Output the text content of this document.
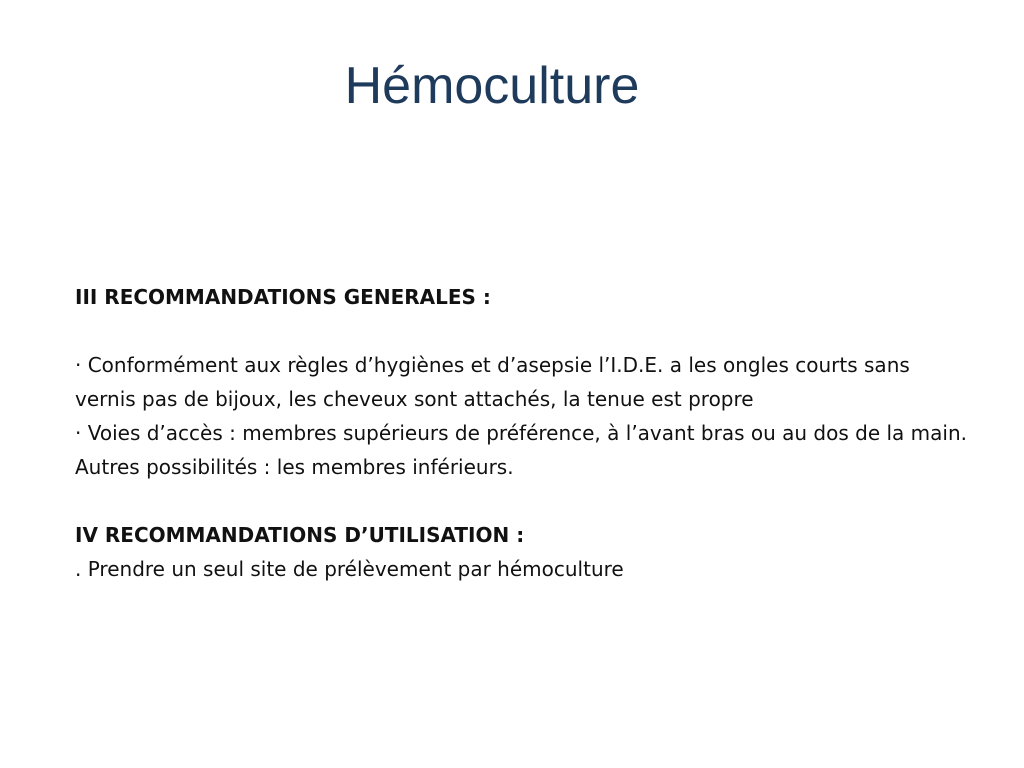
Hémoculture

III RECOMMANDATIONS GENERALES :

· Conformément aux règles d’hygiènes et d’asepsie l’I.D.E. a les ongles courts sans vernis pas de bijoux, les cheveux sont attachés, la tenue est propre

· Voies d’accès : membres supérieurs de préférence, à l’avant bras ou au dos de la main. Autres possibilités : les membres inférieurs.

IV RECOMMANDATIONS D’UTILISATION :

. Prendre un seul site de prélèvement par hémoculture
